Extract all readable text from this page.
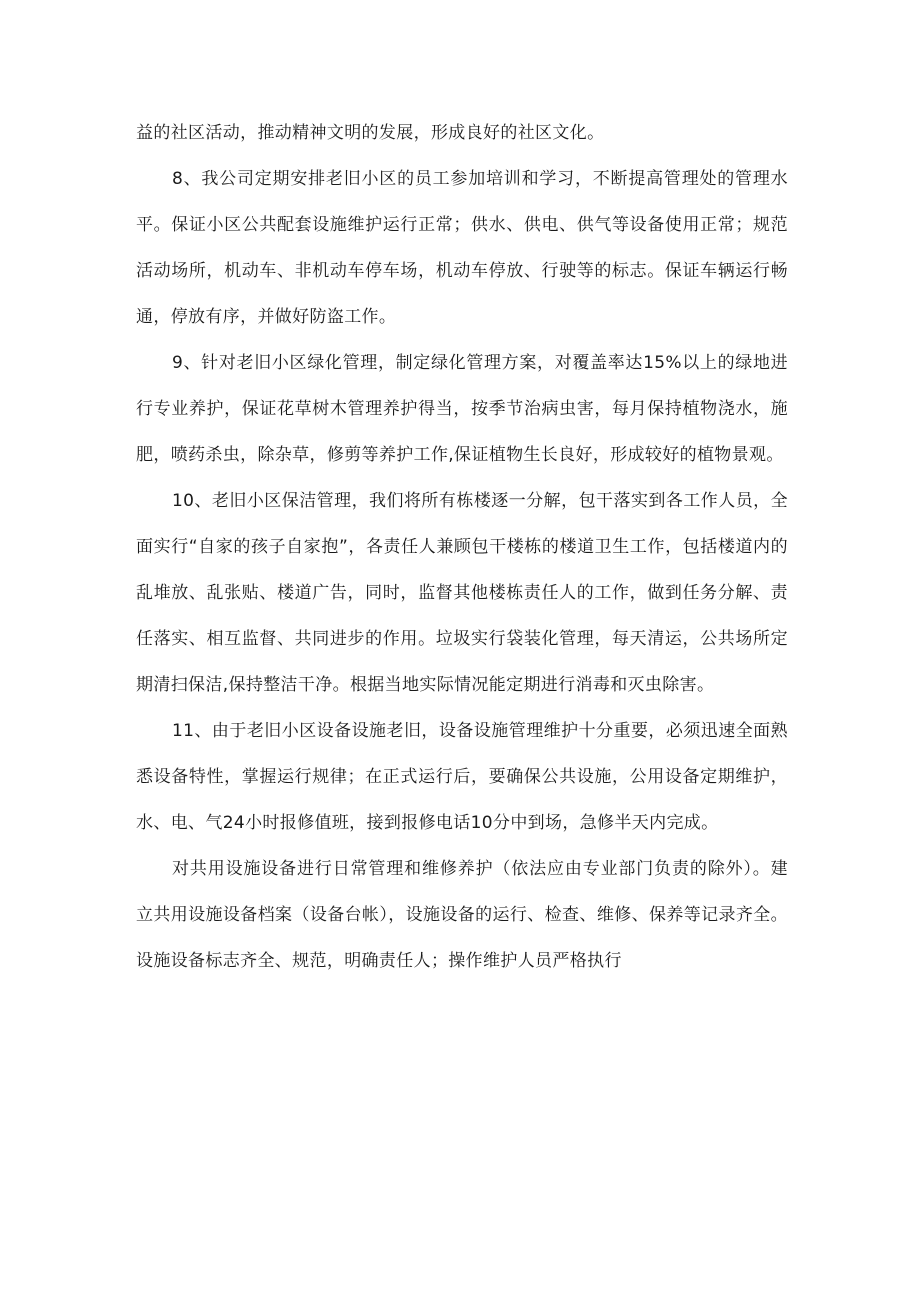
益的社区活动，推动精神文明的发展，形成良好的社区文化。

8、我公司定期安排老旧小区的员工参加培训和学习，不断提高管理处的管理水平。保证小区公共配套设施维护运行正常；供水、供电、供气等设备使用正常；规范活动场所，机动车、非机动车停车场，机动车停放、行驶等的标志。保证车辆运行畅通，停放有序，并做好防盗工作。

9、针对老旧小区绿化管理，制定绿化管理方案，对覆盖率达15%以上的绿地进行专业养护，保证花草树木管理养护得当，按季节治病虫害，每月保持植物浇水，施肥，喷药杀虫，除杂草，修剪等养护工作,保证植物生长良好，形成较好的植物景观。

10、老旧小区保洁管理，我们将所有栋楼逐一分解，包干落实到各工作人员，全面实行“自家的孩子自家抱”，各责任人兼顾包干楼栋的楼道卫生工作，包括楼道内的乱堆放、乱张贴、楼道广告，同时，监督其他楼栋责任人的工作，做到任务分解、责任落实、相互监督、共同进步的作用。垃圾实行袋装化管理，每天清运，公共场所定期清扫保洁,保持整洁干净。根据当地实际情况能定期进行消毒和灭虫除害。

11、由于老旧小区设备设施老旧，设备设施管理维护十分重要，必须迅速全面熟悉设备特性，掌握运行规律；在正式运行后，要确保公共设施，公用设备定期维护，水、电、气24小时报修值班，接到报修电话10分中到场，急修半天内完成。

对共用设施设备进行日常管理和维修养护（依法应由专业部门负责的除外）。建立共用设施设备档案（设备台帐），设施设备的运行、检查、维修、保养等记录齐全。设施设备标志齐全、规范，明确责任人；操作维护人员严格执行
